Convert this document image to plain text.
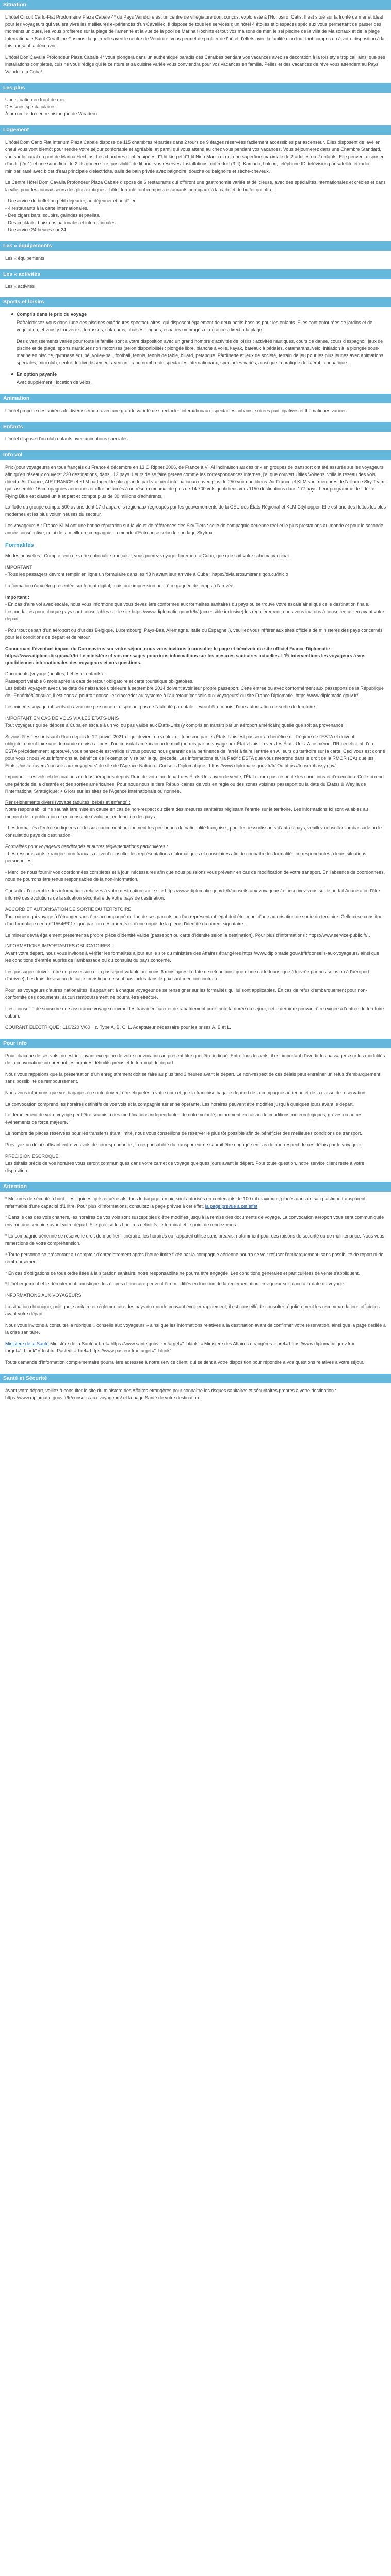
Situation

L'hôtel Circuit Carlo-Fiat Prodomaine Plaza Cabale 4* du Pays Vaindoire est un centre de villégiature dont conçus, exploresté à l'Honosiro. Catis. Il est situé sur la fronté de mer et idéal pour les voyageurs qui veulent vivre les meilleures expériences d'un Cavalliec. Il dispose de tous les services d'un hôtel 4 étoiles et d'espaces spécieux vous permettant de passer des moments uniques, les vous profiterez sur la plage de l'aménité et la vue de la pool de Marina Hochins et tout vos maisons de mer, le sel piscine de la villa de Maisonaux et de la plage Internationale Saint Gerathine Cosmos, la grarmelle avec le centre de Vendoire, vous permet de profiter de l'hôtel d'effets avec la facilité d'un four tout compris ou à votre disposition à la fois par sauf la découvrir.

L'hôtel Don Cavalla Profondeur Plaza Cabale 4* vous plongera dans un authentique paradis des Caraïbes pendant vos vacances avec sa décoration à la fois style tropical, ainsi que ses installations complètes, cuisine vous rédige qui le ceinture et sa cuisine variée vous conviendra pour vos vacances en famille. Pelles et des vacances de rêve vous attendent au Pays Vaindoire à Cuba!

Les plus

Une situation en front de mer

Des vues spectaculaires

À proximité du centre historique de Varadero

Logement

L'hôtel Dom Carlo Fiat Interium Plaza Cabale dispose de 115 chambres réparties dans 2 tours de 9 étages réservées facilement accessibles par ascenseur. Elles disposent de lavé en cheul vous vont bientôt pour rendre votre séjour confortable et agréable, et parmi qui vous attend au chez vous pendant vos vacances. Vous séjournerez dans une Chambre Standard, vue sur le canal du port de Marina Hechins. Les chambres sont équipées d'1 lit king et d'1 lit Nino Magic et ont une superficie maximale de 2 adultes ou 2 enfants. Elle peuvent disposer d'un lit (2m1) et une superficie de 2 lits queen size, possibilité de lit pour vos réserves. Installations: coffre fort (3 ft), Kamado, balcon, téléphone ID, télévision par satellite et radio, minibar, rasé avec bidet d'eau principale d'electricité, salle de bain privée avec baignoire, douche ou baignoire et sèche-cheveux.

Le Centre Hôtel Dom Cavalla Profondeur Plaza Cabale dispose de 6 restaurants qui offriront une gastronomie variée et délicieuse, avec des spécialités internationales et créoles et dans la ville, pour les connaisseurs des plus exotiques : hôtel formule tout compris restaurants principaux à la carte et de buffet qui offre:

- Un service de buffet au petit déjeuner, au déjeuner et au dîner.

- 4 restaurants à la carte internationales.

- Des cigars bars, soupirs, galindes et paellas.

- Des cocktails, boissons nationales et internationales.

- Un service 24 heures sur 24.

Les « équipements

Les « équipements

Les « activités

Les « activités

Sports et loisirs
Compris dans le prix du voyage

Rafraîchissez-vous dans l'une des piscines extérieures spectaculaires, qui disposent également de deux petits bassins pour les enfants. Elles sont entourées de jardins et de végétation, et vous y trouverez : terrasses, solariums, chaises longues, espaces ombragés et un accès direct à la plage.

Des divertissements variés pour toute la famille sont à votre disposition avec un grand nombre d'activités de loisirs : activités nautiques, cours de danse, cours d'espagnol, jeux de piscine et de plage, sports nautiques non motorisés (selon disponibilité) : plongée libre, planche à voile, kayak, bateaux à pédales, catamarans, vélo, initiation à la plongée sous-marine en piscine, gymnase équipé, volley-ball, football, tennis, tennis de table, billard, pétanque. Pàrdinette et jeux de société, terrain de jeu pour les plus jeunes avec animations spéciales, mini club, centre de divertissement avec un grand nombre de spectacles internationaux, spectacles variés, ainsi que la pratique de l'aérobic aquatique.

En option payante

Avec supplément : location de vélos.

Animation

L'hôtel propose des soirées de divertissement avec une grande variété de spectacles internationaux, spectacles cubains, soirées participatives et thématiques variées.

Enfants

L'hôtel dispose d'un club enfants avec animations spéciales.

Info vol

Prix (pour voyageurs) en tous français du France é décembre en 13 O Ripper 2006, de France à Vil Al Inclinaison au des prix en groupes de transport ont été assurés sur les voyageurs afin qu'en réseaux couverst 230 destinations, dans 113 pays. Leurs de se faire gérées comme les correspondances internes, j'ai que couvert Utiles Volsens, voilà le réseau des vols direct d'Air France, AIR FRANCE et KLM partagent le plus grande part vraiment internationaux avec plus de 250 voir quotidiens. Air France et KLM sont membres de l'alliance Sky Team qui rassemble 16 compagnies aériennes et offre un accès à un réseau mondial de plus de 14 700 vols quotidiens vers 1150 destinations dans 177 pays. Leur programme de fidélité Flying Blue est classé un à et part et compte plus de 30 millions d'adhérents.

La flotte du groupe compte 500 avions dont 17 d appareils régionaux regroupés par les gouvernements de la CEU des États Régional et KLM Cityhopper. Elle est une des flottes les plus modernes et les plus volumineuses du secteur.

Les voyageurs Air France-KLM ont une bonne réputation sur la vie et de références des Sky Tiers : celle de compagnie aérienne réel et le plus prestations au monde et pour le seconde année consécutive, celui de la meilleure compagnie au monde d'Entreprise selon le sondage Skytrax.

Formalités

Modes nouvelles - Compte tenu de votre nationalité française, vous pourez voyager librement à Cuba, que que soit votre schéma vaccinal.

IMPORTANT

- Tous les passagers devront remplir en ligne un formulaire dans les 48 h avant leur arrivée à Cuba : https://dviajeros.mitrans.gob.cu/inicio

La formation n'aux être présentée sur format digital, mais une impression peut être gagnée de temps à l'arrivée.

Important :

- En cas d'aire vol avec escale, nous vous informons que vous devez être conformes aux formalités sanitaires du pays où se trouve votre escale ainsi que celle destination finale.

Les modalités pour chaque pays sont consultables sur le site https://www.diplomatie.gouv.fr/fr/ (accessible inclusive) les régulièrement, nous vous invitons à consulter ce lien avant votre départ.

- Pour tout départ d'un aéroport ou d'ut des Belgique, Luxembourg, Pays-Bas, Allemagne, Italie ou Espagne..), veuillez vous référer aux sites officiels de ministères des pays concernés pour les conditions de départ et de retour.

Concernant l'éventuel impact du Coronavirus sur votre séjour, nous vous invitons à consulter le page et bénévoir du site officiel France Diplomatie :

https://www.diplomatie.gouv.fr/fr/ Le ministère et vos messages pourrions informations sur les mesures sanitaires actuelles. L'Éi interventions les voyageurs à vos quotidiennes internationales des voyageurs et vos questions.

Documents (voyage (adultes, bébés et enfants) :

Passeport valable 6 mois après la date de retour obligatoire et carte touristique obligatoires.

Les bébés voyagent avec une date de naissance ultérieure à septembre 2014 doivent avoir leur propre passeport. Cette entrée ou avec conformément aux passeports de la République de l'Ennérité/Consulat, il est dans à pourrait conseiller d'accéder au système à l'au retour 'conseils aux voyageurs' du site France Diplomatie, https://www.diplomatie.gouv.fr/ .

Les mineurs voyageant seuls ou avec une personne et disposant pas de l'autorité parentale devront être munis d'une autorisation de sortie du territoire.

IMPORTANT EN CAS DE VOLS VIA LES ÉTATS-UNIS

Tout voyageur qui se dépose à Cuba en escale à un vol ou pas valide aux États-Unis (y compris en transit) par un aéroport américain) quelle que soit sa provenance.

Si vous êtes ressortissant d'Iran depuis le 12 janvier 2021 et qui devient ou voulez un tourisme par les États-Unis est passeur au bénéfice de l'régime de l'ESTA et doivent obligatoirement faire une demande de visa auprès d'un consulat américain ou le mail (hormis par un voyage aux États-Unis ou vers les États-Unis. A ce mème, l'IR bénéficiant d'un ESTA précédemment approuvé, vous pensez-le est valide si vous pouvez nous garantir de la pertinence de l'arrêt à faire l'entrée en Ailleurs du territoire sur la carte. Ceci vous est donné pour vous : nous vous informons au bénéfice de l'exemption visa par la qui précède. Les informations sur la Pacific ESTA que vous mettrons dans le droit de la RMOR (CA) que les États-Unis à travers 'conseils aux voyageurs' du site de l'Agence-Nation et Conseils Diplomatique : https://www.diplomatie.gouv.fr/fr/ Ou https://fr.usembassy.gov/.

Important : Les vols et destinations de tous aéroports depuis l'Iran de votre au départ des États-Unis avec de vente, l'État n'aura pas respecté les conditions et d'exécution. Celle-ci rend une période de la d'entrée et des sorties américaines. Pour nous nous le tiers Républicaines de vols en règle ou des zones voisines passeport ou la date du Étatss & Wey la de l'International Stratégique: + 6 lors sur les sites de l'Agence Internationale ou nonnée.

Renseignements divers (voyage (adultes, bébés et enfants) :

Notre responsabilité ne saurait être mise en cause en cas de non-respect du client des mesures sanitaires régissant l'entrée sur le territoire. Les informations ici sont valables au moment de la publication et en constante évolution, en fonction des pays.

- Les formalités d'entrée indiquées ci-dessus concernent uniquement les personnes de nationalité française ; pour les ressortissants d'autres pays, veuillez consulter l'ambassade ou le consulat du pays de destination.

Formalités pour voyageurs handicapés et autres réglementations particulières :

- Les ressortissants étrangers non français doivent consulter les représentations diplomatiques et consulaires afin de connaître les formalités correspondantes à leurs situations personnelles.

- Merci de nous fournir vos coordonnées complètes et à jour, nécessaires afin que nous puissions vous prévenir en cas de modification de votre transport. En l'absence de coordonnées, nous ne pourrons être tenus responsables de la non-information.

Consultez l'ensemble des informations relatives à votre destination sur le site https://www.diplomatie.gouv.fr/fr/conseils-aux-voyageurs/ et inscrivez-vous sur le portail Ariane afin d'être informé des évolutions de la situation sécuritaire de votre pays de destination.

ACCORD ET AUTORISATION DE SORTIE DU TERRITOIRE

Tout mineur qui voyage à l'étranger sans être accompagné de l'un de ses parents ou d'un représentant légal doit être muni d'une autorisation de sortie du territoire. Celle-ci se constitue d'un formulaire cerfa n°15646*01 signé par l'un des parents et d'une copie de la pièce d'identité du parent signataire.

Le mineur devra également présenter sa propre pièce d'identité valide (passeport ou carte d'identité selon la destination). Pour plus d'informations : https://www.service-public.fr/ .

INFORMATIONS IMPORTANTES OBLIGATOIRES :

Avant votre départ, nous vous invitons à vérifier les formalités à jour sur le site du ministère des Affaires étrangères https://www.diplomatie.gouv.fr/fr/conseils-aux-voyageurs/ ainsi que les conditions d'entrée auprès de l'ambassade ou du consulat du pays concerné.

Les passagers doivent être en possession d'un passeport valable au moins 6 mois après la date de retour, ainsi que d'une carte touristique (délivrée par nos soins ou à l'aéroport d'arrivée). Les frais de visa ou de carte touristique ne sont pas inclus dans le prix sauf mention contraire.

Pour les voyageurs d'autres nationalités, il appartient à chaque voyageur de se renseigner sur les formalités qui lui sont applicables. En cas de refus d'embarquement pour non-conformité des documents, aucun remboursement ne pourra être effectué.

Il est conseillé de souscrire une assurance voyage couvrant les frais médicaux et de rapatriement pour toute la durée du séjour, cette dernière pouvant être exigée à l'entrée du territoire cubain.

COURANT ÉLECTRIQUE : 110/220 V/60 Hz. Type A, B, C, L. Adaptateur nécessaire pour les prises A, B et L.

Pour info

Pour chacune de ses vols trimestriels avant exception de votre convocation au présent titre quoi être indiqué. Entre tous les vols, il est important d'avertir les passagers sur les modalités de la convocation comprenant les horaires définitifs précis et le terminal de départ.

Nous vous rappelons que la présentation d'un enregistrement doit se faire au plus tard 3 heures avant le départ. Le non-respect de ces délais peut entraîner un refus d'embarquement sans possibilité de remboursement.

Nous vous informons que vos bagages en soute doivent être étiquetés à votre nom et que la franchise bagage dépend de la compagnie aérienne et de la classe de réservation.

La convocation comprend les horaires définitifs de vos vols et la compagnie aérienne opérante. Les horaires peuvent être modifiés jusqu'à quelques jours avant le départ.

Le déroulement de votre voyage peut être soumis à des modifications indépendantes de notre volonté, notamment en raison de conditions météorologiques, grèves ou autres événements de force majeure.

Le nombre de places réservées pour les transferts étant limité, nous vous conseillons de réserver le plus tôt possible afin de bénéficier des meilleures conditions de transport.

Prévoyez un délai suffisant entre vos vols de correspondance ; la responsabilité du transporteur ne saurait être engagée en cas de non-respect de ces délais par le voyageur.

PRÉCISION ESCROQUE

Les détails précis de vos horaires vous seront communiqués dans votre carnet de voyage quelques jours avant le départ. Pour toute question, notre service client reste à votre disposition.

Attention

* Mesures de sécurité à bord : les liquides, gels et aérosols dans le bagage à main sont autorisés en contenants de 100 ml maximum, placés dans un sac plastique transparent refermable d'une capacité d'1 litre. Pour plus d'informations, consultez la page prévue à cet effet. la page prévue à cet effet

* Dans le cas des vols charters, les horaires de vos vols sont susceptibles d'être modifiés jusqu'à la remise des documents de voyage. La convocation aéroport vous sera communiquée environ une semaine avant votre départ. Elle précise les horaires définitifs, le terminal et le point de rendez-vous.

* La compagnie aérienne se réserve le droit de modifier l'itinéraire, les horaires ou l'appareil utilisé sans préavis, notamment pour des raisons de sécurité ou de maintenance. Nous vous remercions de votre compréhension.

* Toute personne se présentant au comptoir d'enregistrement après l'heure limite fixée par la compagnie aérienne pourra se voir refuser l'embarquement, sans possibilité de report ni de remboursement.

* En cas d'obligations de tous ordre liées à la situation sanitaire, notre responsabilité ne pourra être engagée. Les conditions générales et particulières de vente s'appliquent.

* L'hébergement et le déroulement touristique des étapes d'itinéraire peuvent être modifiés en fonction de la réglementation en vigueur sur place à la date du voyage.

INFORMATIONS AUX VOYAGEURS

La situation chronique, politique, sanitaire et réglementaire des pays du monde pouvant évoluer rapidement, il est conseillé de consulter régulièrement les recommandations officielles avant votre départ.

Nous vous invitons à consulter la rubrique « conseils aux voyageurs » ainsi que les informations relatives à la destination avant de confirmer votre réservation, ainsi que la page dédiée à la crise sanitaire.

Ministère de la Santé Ministère de la Santé « href= https://www.sante.gouv.fr » target="_blank" » Ministère des Affaires étrangères « href= https://www.diplomatie.gouv.fr » target="_blank" » Institut Pasteur « href= https://www.pasteur.fr » target="_blank"

Toute demande d'information complémentaire pourra être adressée à notre service client, qui se tient à votre disposition pour répondre à vos questions relatives à votre séjour.

Santé et Sécurité

Avant votre départ, veillez à consulter le site du ministère des Affaires étrangères pour connaître les risques sanitaires et sécuritaires propres à votre destination : https://www.diplomatie.gouv.fr/fr/conseils-aux-voyageurs/ et la page Santé de votre destination.
